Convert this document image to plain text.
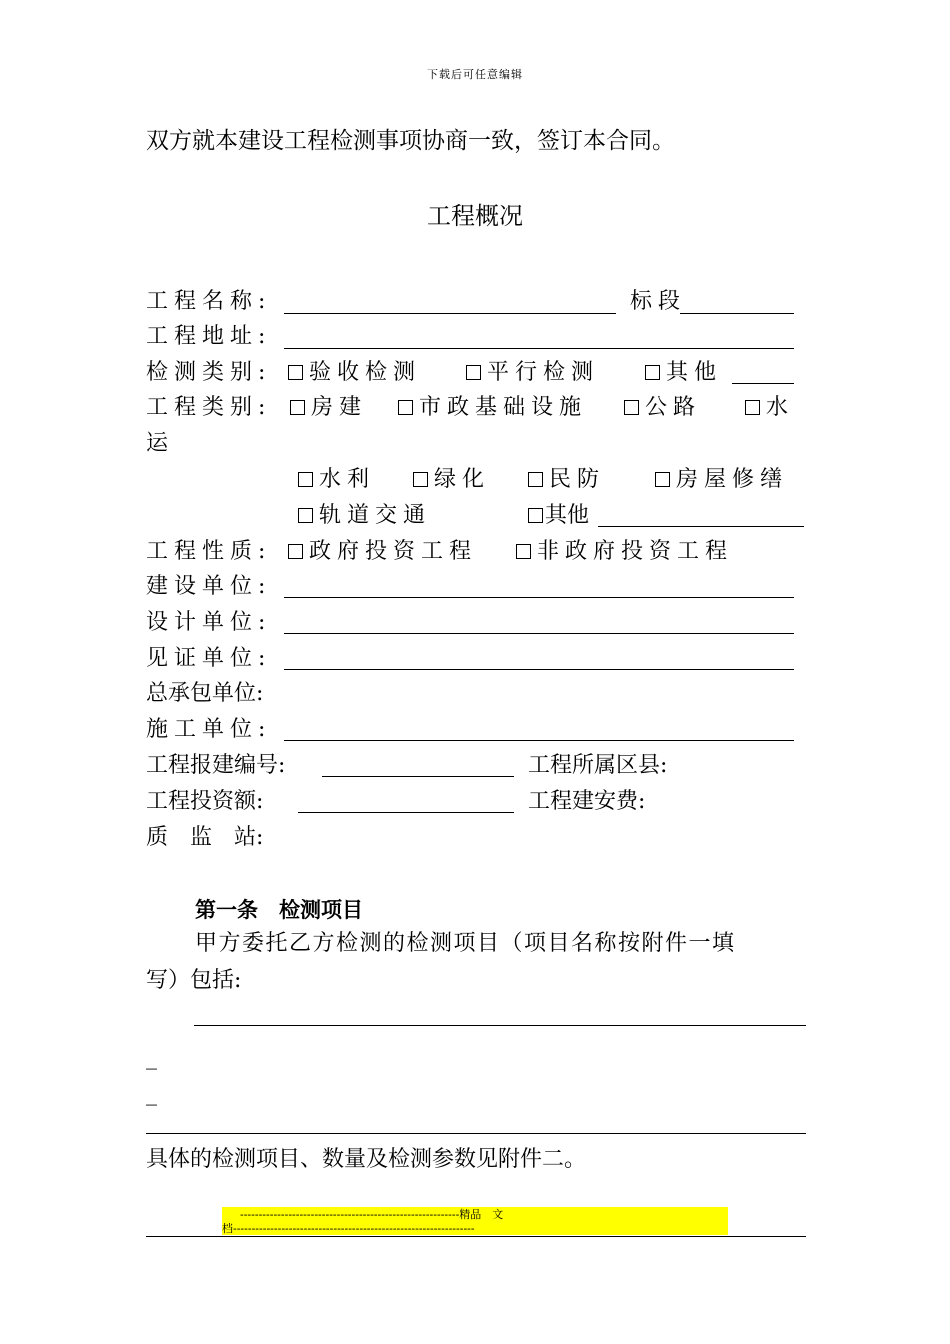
下载后可任意编辑
双方就本建设工程检测事项协商一致，签订本合同。
工程概况
工程名称:	标段
工程地址:
检测类别:	验收检测	平行检测	其他
工程类别:	房建	市政基础设施	公路	水
运
水利	绿化	民防	房屋修缮
轨道交通	其他
工程性质:	政府投资工程	非政府投资工程
建设单位:
设计单位:
见证单位:
总承包单位:
施工单位:
工程报建编号:	工程所属区县:
工程投资额:	工程建安费:
质　监　站:
第一条　检测项目
甲方委托乙方检测的检测项目（项目名称按附件一填
写）包括:
_
_
具体的检测项目、数量及检测参数见附件二。
-----------------------------------------------------------精品　文
档-----------------------------------------------------------------
